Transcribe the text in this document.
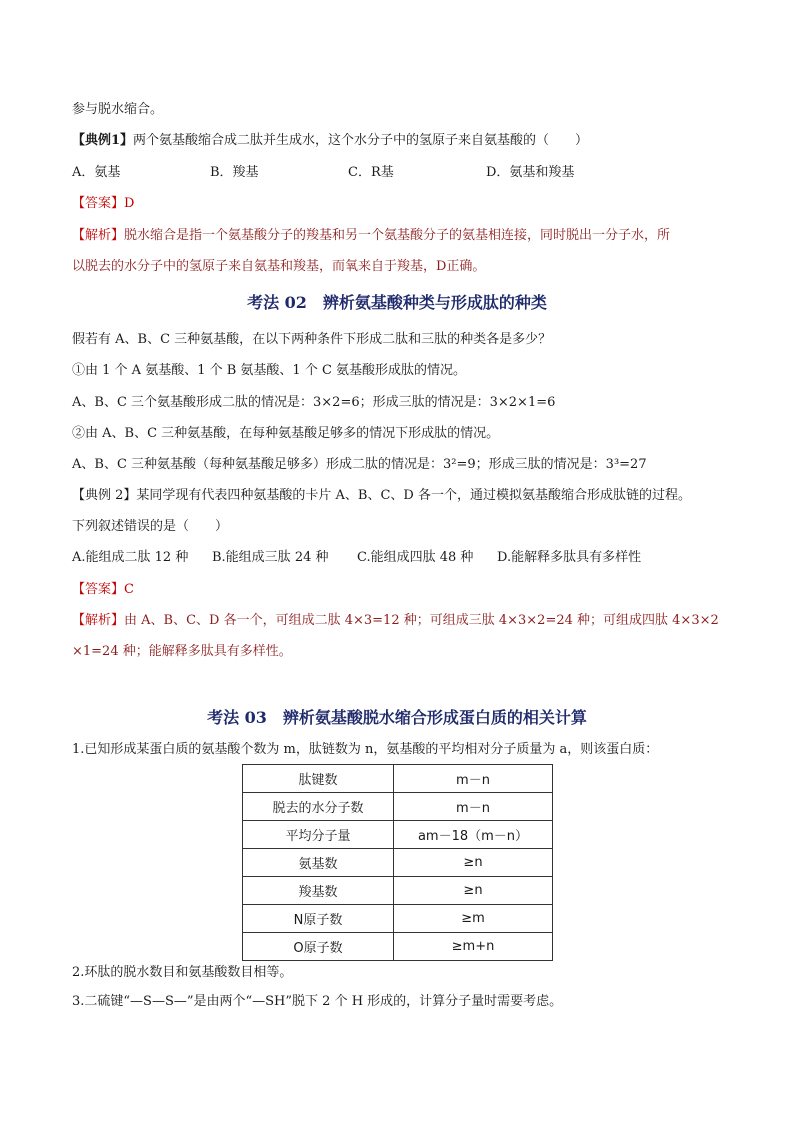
参与脱水缩合。
【典例1】两个氨基酸缩合成二肽并生成水，这个水分子中的氢原子来自氨基酸的（　　）
A．氨基	B．羧基	C．R基	D．氨基和羧基
【答案】D
【解析】脱水缩合是指一个氨基酸分子的羧基和另一个氨基酸分子的氨基相连接，同时脱出一分子水，所
以脱去的水分子中的氢原子来自氨基和羧基，而氧来自于羧基，D正确。
考法 02　辨析氨基酸种类与形成肽的种类
假若有 A、B、C 三种氨基酸，在以下两种条件下形成二肽和三肽的种类各是多少？
①由 1 个 A 氨基酸、1 个 B 氨基酸、1 个 C 氨基酸形成肽的情况。
A、B、C 三个氨基酸形成二肽的情况是：3×2=6；形成三肽的情况是：3×2×1=6
②由 A、B、C 三种氨基酸，在每种氨基酸足够多的情况下形成肽的情况。
A、B、C 三种氨基酸（每种氨基酸足够多）形成二肽的情况是：3²=9；形成三肽的情况是：3³=27
【典例 2】某同学现有代表四种氨基酸的卡片 A、B、C、D 各一个，通过模拟氨基酸缩合形成肽链的过程。
下列叙述错误的是（　　）
A.能组成二肽 12 种 B.能组成三肽 24 种 C.能组成四肽 48 种 D.能解释多肽具有多样性
【答案】C
【解析】由 A、B、C、D 各一个，可组成二肽 4×3=12 种；可组成三肽 4×3×2=24 种；可组成四肽 4×3×2
×1=24 种；能解释多肽具有多样性。
考法 03　辨析氨基酸脱水缩合形成蛋白质的相关计算
1.已知形成某蛋白质的氨基酸个数为 m，肽链数为 n，氨基酸的平均相对分子质量为 a，则该蛋白质：
肽键数	m－n
脱去的水分子数	m－n
平均分子量	am－18（m－n）
氨基数	≥n
羧基数	≥n
N原子数	≥m
O原子数	≥m+n
2.环肽的脱水数目和氨基酸数目相等。
3.二硫键“—S—S—”是由两个“—SH”脱下 2 个 H 形成的，计算分子量时需要考虑。
